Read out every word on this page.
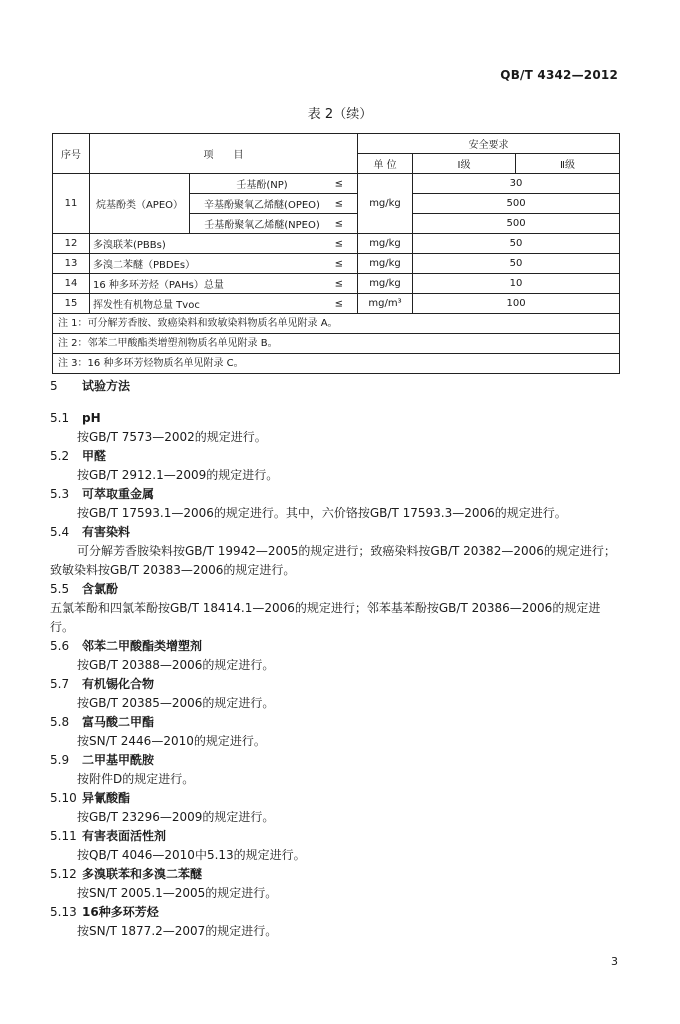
QB/T 4342—2012
表 2（续）
序号	项　　目		安全要求		
			单 位	Ⅰ级	Ⅱ级
11	烷基酚类（APEO）	壬基酚(NP) ≤	mg/kg	30	
		辛基酚聚氧乙烯醚(OPEO) ≤		500	
		壬基酚聚氧乙烯醚(NPEO) ≤		500	
12	多溴联苯(PBBs) ≤		mg/kg	50	
13	多溴二苯醚（PBDEs） ≤		mg/kg	50	
14	16 种多环芳烃（PAHs）总量 ≤		mg/kg	10	
15	挥发性有机物总量 Tvoc ≤		mg/m³	100	

注 1：可分解芳香胺、致癌染料和致敏染料物质名单见附录 A。
注 2：邻苯二甲酸酯类增塑剂物质名单见附录 B。
注 3：16 种多环芳烃物质名单见附录 C。					
5 试验方法
5.1 pH
按GB/T 7573—2002的规定进行。
5.2 甲醛
按GB/T 2912.1—2009的规定进行。
5.3 可萃取重金属
按GB/T 17593.1—2006的规定进行。其中，六价铬按GB/T 17593.3—2006的规定进行。
5.4 有害染料
可分解芳香胺染料按GB/T 19942—2005的规定进行；致癌染料按GB/T 20382—2006的规定进行；
致敏染料按GB/T 20383—2006的规定进行。
5.5 含氯酚
五氯苯酚和四氯苯酚按GB/T 18414.1—2006的规定进行；邻苯基苯酚按GB/T 20386—2006的规定进
行。
5.6 邻苯二甲酸酯类增塑剂
按GB/T 20388—2006的规定进行。
5.7 有机锡化合物
按GB/T 20385—2006的规定进行。
5.8 富马酸二甲酯
按SN/T 2446—2010的规定进行。
5.9 二甲基甲酰胺
按附件D的规定进行。
5.10 异氰酸酯
按GB/T 23296—2009的规定进行。
5.11 有害表面活性剂
按QB/T 4046—2010中5.13的规定进行。
5.12 多溴联苯和多溴二苯醚
按SN/T 2005.1—2005的规定进行。
5.13 16种多环芳烃
按SN/T 1877.2—2007的规定进行。
3
